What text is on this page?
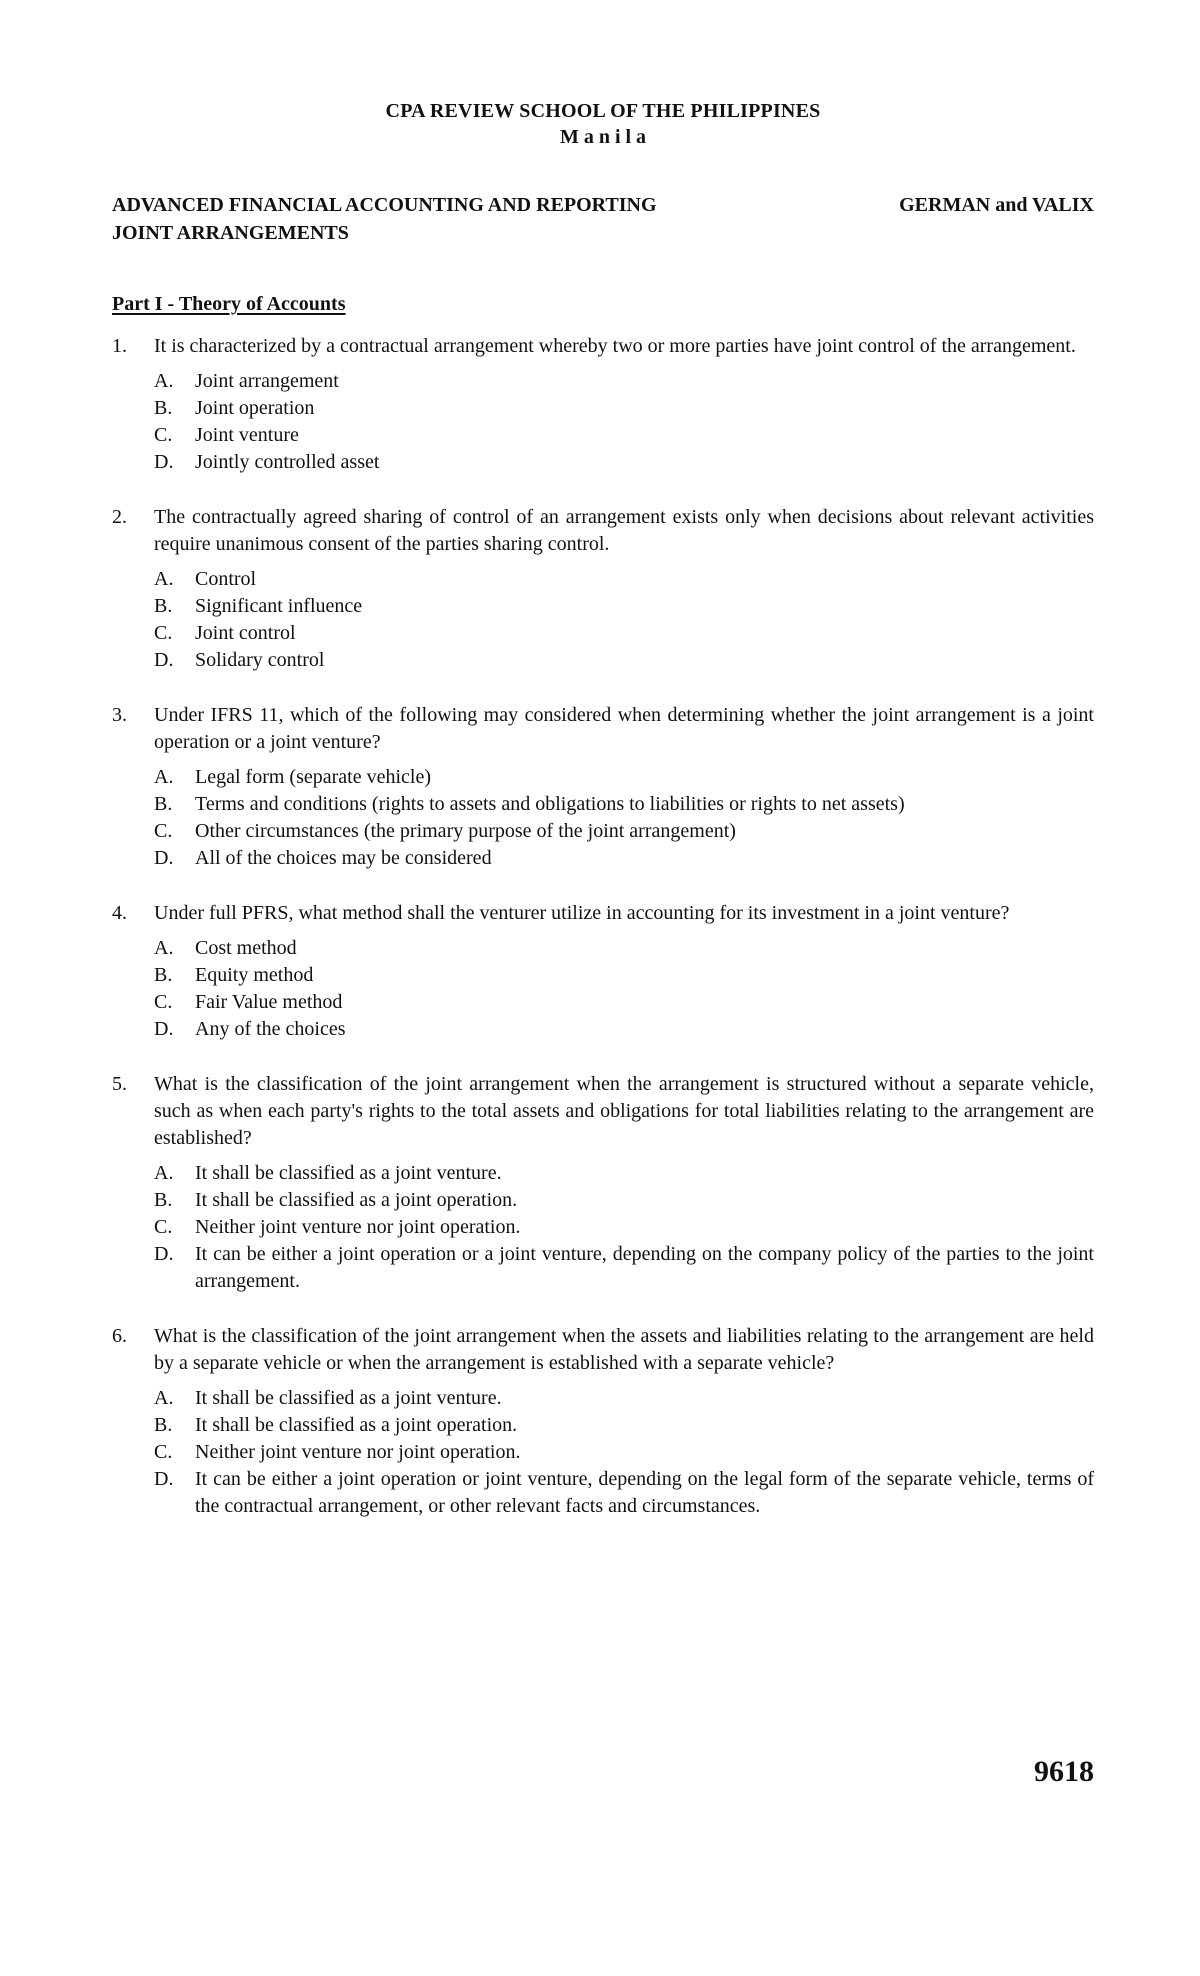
CPA REVIEW SCHOOL OF THE PHILIPPINES
Manila
ADVANCED FINANCIAL ACCOUNTING AND REPORTING
JOINT ARRANGEMENTS
GERMAN and VALIX
Part I - Theory of Accounts
1.	It is characterized by a contractual arrangement whereby two or more parties have joint control of the arrangement.

A.	Joint arrangement
B.	Joint operation
C.	Joint venture
D.	Jointly controlled asset
2.	The contractually agreed sharing of control of an arrangement exists only when decisions about relevant activities require unanimous consent of the parties sharing control.

A.	Control
B.	Significant influence
C.	Joint control
D.	Solidary control
3.	Under IFRS 11, which of the following may considered when determining whether the joint arrangement is a joint operation or a joint venture?

A.	Legal form (separate vehicle)
B.	Terms and conditions (rights to assets and obligations to liabilities or rights to net assets)
C.	Other circumstances (the primary purpose of the joint arrangement)
D.	All of the choices may be considered
4.	Under full PFRS, what method shall the venturer utilize in accounting for its investment in a joint venture?

A.	Cost method
B.	Equity method
C.	Fair Value method
D.	Any of the choices
5.	What is the classification of the joint arrangement when the arrangement is structured without a separate vehicle, such as when each party's rights to the total assets and obligations for total liabilities relating to the arrangement are established?

A.	It shall be classified as a joint venture.
B.	It shall be classified as a joint operation.
C.	Neither joint venture nor joint operation.
D.	It can be either a joint operation or a joint venture, depending on the company policy of the parties to the joint arrangement.
6.	What is the classification of the joint arrangement when the assets and liabilities relating to the arrangement are held by a separate vehicle or when the arrangement is established with a separate vehicle?

A.	It shall be classified as a joint venture.
B.	It shall be classified as a joint operation.
C.	Neither joint venture nor joint operation.
D.	It can be either a joint operation or joint venture, depending on the legal form of the separate vehicle, terms of the contractual arrangement, or other relevant facts and circumstances.
9618
